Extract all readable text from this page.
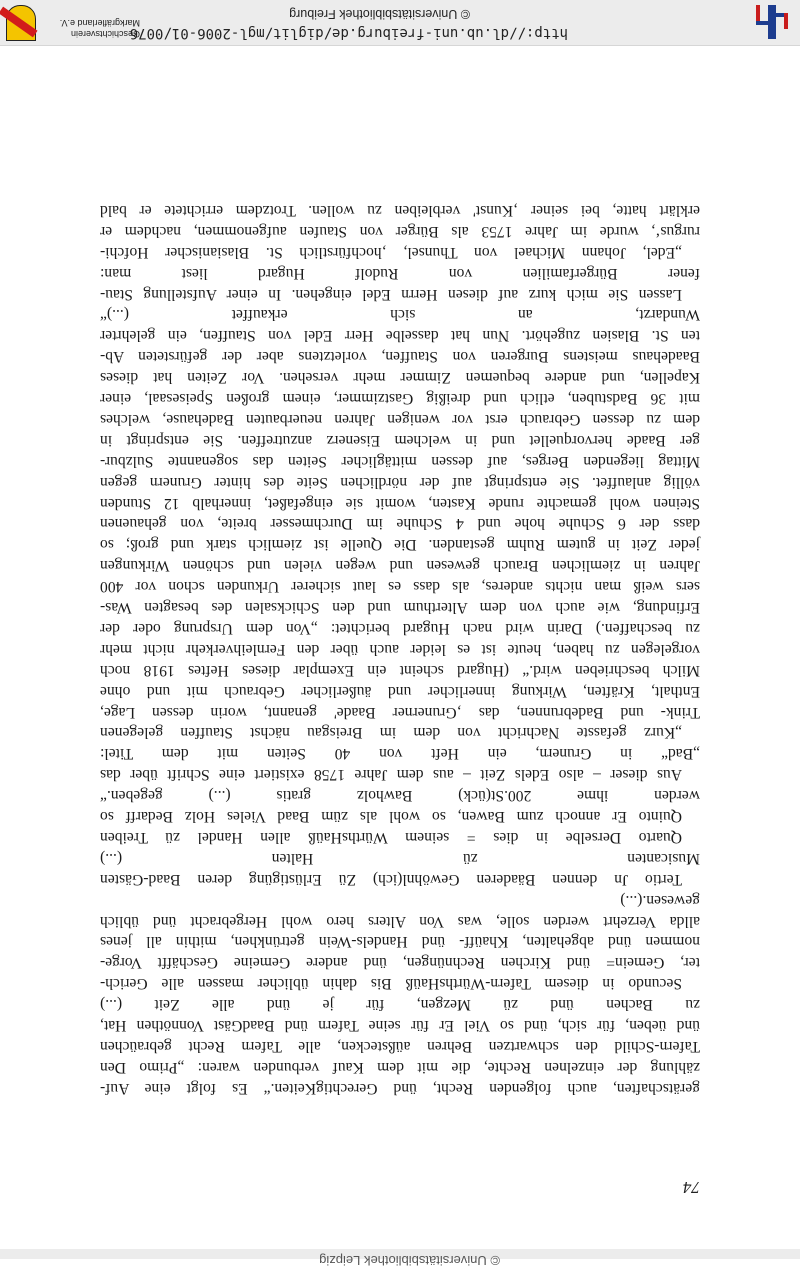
http://dl.ub.uni-freiburg.de/diglit/mgl-2006-01/0076
© Universitätsbibliothek Freiburg
Geschichtsverein
Markgräflerland e.V.
© Universitätsbibliothek Leipzig
74
erklärt hatte, bei seiner ‚Kunst' verbleiben zu wollen. Trotzdem errichtete er bald
rurgus‘, wurde im Jahre 1753 als Bürger von Staufen aufgenommen, nachdem er
„Edel, Johann Michael von Thunsel, ‚hochfürstlich St. Blasianischer Hofchi-
fener Bürgerfamilien von Rudolf Hugard liest man:
Lassen Sie mich kurz auf diesen Herrn Edel eingehen. In einer Aufstellung Stau-
Wundarzt, an sich erkauffet (...)“
ten St. Blasien zugehört. Nun hat dasselbe Herr Edel von Stauffen, ein gelehrter
Baadehaus meistens Burgeren von Stauffen, vorletztens aber der gefürsteten Ab-
Kapellen, und andere bequemen Zimmer mehr versehen. Vor Zeiten hat dieses
mit 36 Badstuben, etlich und dreißig Gastzimmer, einem großen Speisesaal, einer
dem zu dessen Gebrauch erst vor wenigen Jahren neuerbauten Badehause, welches
ger Baade hervorquellet und in welchem Eisenerz anzutreffen. Sie entspringt in
Mittag liegenden Berges, auf dessen mittäglicher Seiten das sogenannte Sulzbur-
völlig anlauffet. Sie entspringt auf der nördlichen Seite des hinter Grunern gegen
Steinen wohl gemachte runde Kasten, womit sie eingefaßet, innerhalb 12 Stunden
dass der 6 Schuhe hohe und 4 Schuhe im Durchmesser breite, von gehauenen
jeder Zeit in gutem Ruhm gestanden. Die Quelle ist ziemlich stark und groß; so
Jahren in ziemlichen Brauch gewesen und wegen vielen und schönen Wirkungen
sers weiß man nichts anderes, als dass es laut sicherer Urkunden schon vor 400
Erfindung, wie auch von dem Alterthum und den Schicksalen des besagten Was-
zu beschaffen.) Darin wird nach Hugard berichtet: „Von dem Ursprung oder der
vorgelegen zu haben, heute ist es leider auch über den Fernleihverkehr nicht mehr
Milch beschrieben wird.“ (Hugard scheint ein Exemplar dieses Heftes 1918 noch
Enthalt, Kräften, Wirkung innerlicher und äußerlicher Gebrauch mit und ohne
Trink- und Badebrunnen, das ‚Grunerner Baade' genannt, worin dessen Lage,
„Kurz gefasste Nachricht von dem im Breisgau nächst Stauffen gelegenen
„Bad“ in Grunern, ein Heft von 40 Seiten mit dem Titel:
Aus dieser – also Edels Zeit – aus dem Jahre 1758 existiert eine Schrift über das
werden ihme 200.St(ück) Bawholz gratis (...) gegeben.“
Quinto Er annoch zum Bawen, so wohl als züm Baad Vieles Holz Bedarff so
Quarto Derselbe in dies = seinem WürthsHaüß allen Handel zü Treiben
Musicanten zü Halten (...)
Tertio Jn dennen Bäaderen Gewöhnl(ich) Zü Erlüstigüng deren Baad-Gästen
gewesen.(...)
allda Verzehrt werden solle, was Von Alters hero wohl Hergebracht ünd üblich
nommen ünd abgehalten, Khaüff- ünd Handels-Wein getrünkhen, mithin all jenes
ter, Gemein= ünd Kirchen Rechnüngen, ünd andere Gemeine Geschäfft Vorge-
Secundo in diesem Tafern-WürthsHaüß Bis dahin üblicher massen alle Gerich-
zu Bachen ünd zü Mezgen, für je ünd alle Zeit (...)
ünd üeben, für sich, ünd so Viel Er für seine Tafern ünd BaadGäst Vonnöthen Hat,
Tafern-Schild den schwartzen Behren aüßstecken, alle Tafern Recht gebraüchen
zählung der einzelnen Rechte, die mit dem Kauf verbunden waren: „Primo Den
gerätschaften, auch folgenden Recht, ünd GerechtigKeiten.“ Es folgt eine Auf-
